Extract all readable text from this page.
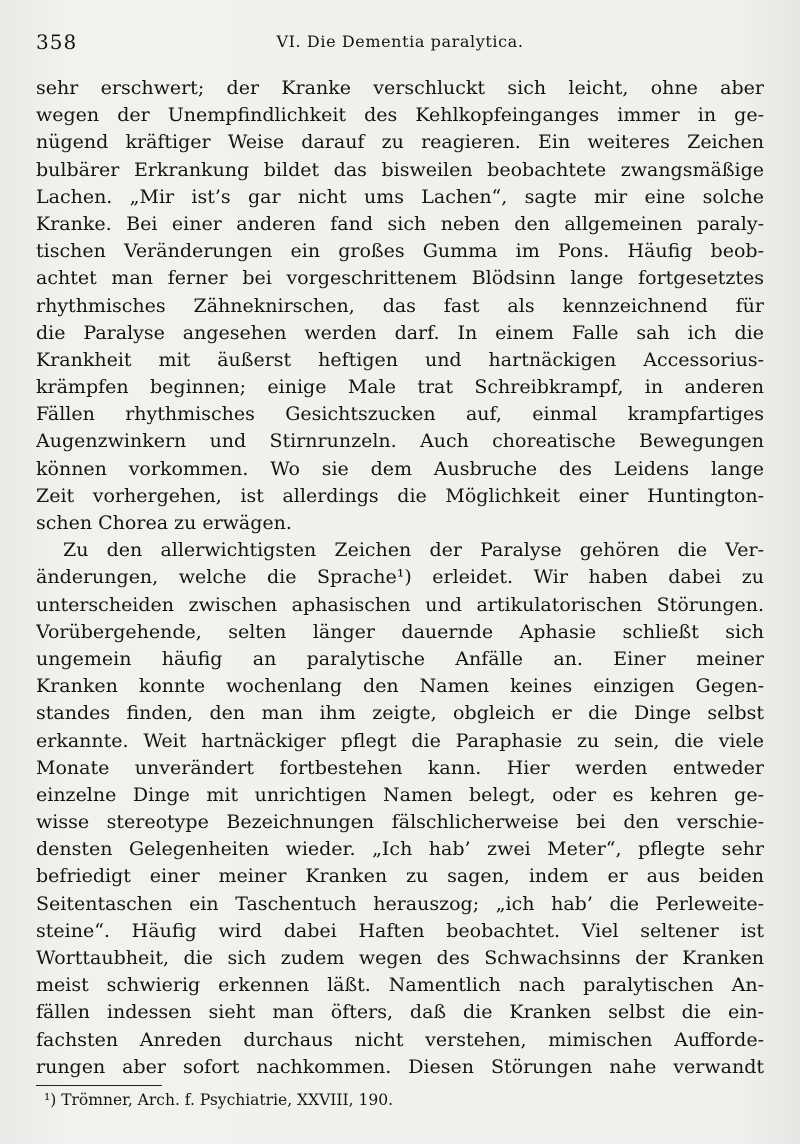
358	VI. Die Dementia paralytica.
sehr erschwert; der Kranke verschluckt sich leicht, ohne aber
wegen der Unempfindlichkeit des Kehlkopfeinganges immer in ge-
nügend kräftiger Weise darauf zu reagieren. Ein weiteres Zeichen
bulbärer Erkrankung bildet das bisweilen beobachtete zwangsmäßige
Lachen. „Mir ist’s gar nicht ums Lachen“, sagte mir eine solche
Kranke. Bei einer anderen fand sich neben den allgemeinen paraly-
tischen Veränderungen ein großes Gumma im Pons. Häufig beob-
achtet man ferner bei vorgeschrittenem Blödsinn lange fortgesetztes
rhythmisches Zähneknirschen, das fast als kennzeichnend für
die Paralyse angesehen werden darf. In einem Falle sah ich die
Krankheit mit äußerst heftigen und hartnäckigen Accessorius-
krämpfen beginnen; einige Male trat Schreibkrampf, in anderen
Fällen rhythmisches Gesichtszucken auf, einmal krampfartiges
Augenzwinkern und Stirnrunzeln. Auch choreatische Bewegungen
können vorkommen. Wo sie dem Ausbruche des Leidens lange
Zeit vorhergehen, ist allerdings die Möglichkeit einer Huntington-
schen Chorea zu erwägen.
Zu den allerwichtigsten Zeichen der Paralyse gehören die Ver-
änderungen, welche die Sprache¹) erleidet. Wir haben dabei zu
unterscheiden zwischen aphasischen und artikulatorischen Störungen.
Vorübergehende, selten länger dauernde Aphasie schließt sich
ungemein häufig an paralytische Anfälle an. Einer meiner
Kranken konnte wochenlang den Namen keines einzigen Gegen-
standes finden, den man ihm zeigte, obgleich er die Dinge selbst
erkannte. Weit hartnäckiger pflegt die Paraphasie zu sein, die viele
Monate unverändert fortbestehen kann. Hier werden entweder
einzelne Dinge mit unrichtigen Namen belegt, oder es kehren ge-
wisse stereotype Bezeichnungen fälschlicherweise bei den verschie-
densten Gelegenheiten wieder. „Ich hab’ zwei Meter“, pflegte sehr
befriedigt einer meiner Kranken zu sagen, indem er aus beiden
Seitentaschen ein Taschentuch herauszog; „ich hab’ die Perleweite-
steine“. Häufig wird dabei Haften beobachtet. Viel seltener ist
Worttaubheit, die sich zudem wegen des Schwachsinns der Kranken
meist schwierig erkennen läßt. Namentlich nach paralytischen An-
fällen indessen sieht man öfters, daß die Kranken selbst die ein-
fachsten Anreden durchaus nicht verstehen, mimischen Aufforde-
rungen aber sofort nachkommen. Diesen Störungen nahe verwandt
¹) Trömner, Arch. f. Psychiatrie, XXVIII, 190.
